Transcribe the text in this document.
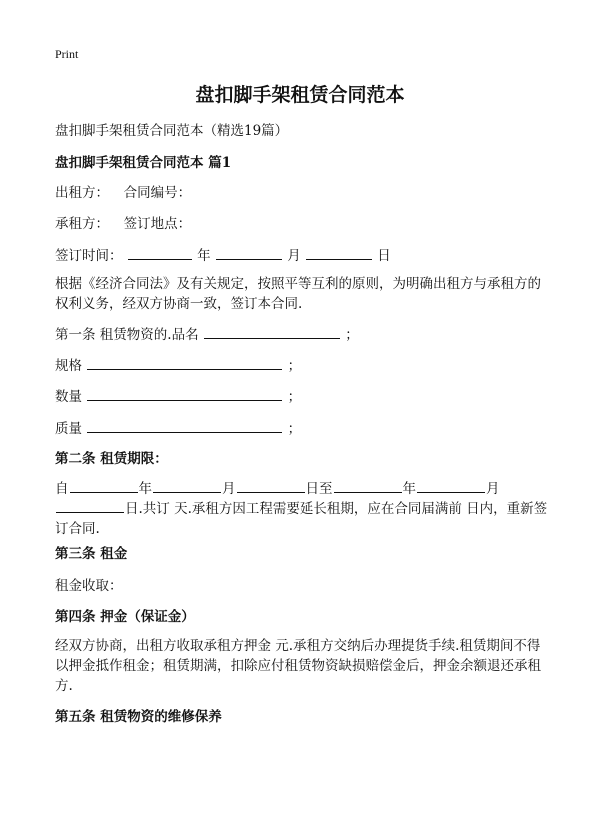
Print
盘扣脚手架租赁合同范本
盘扣脚手架租赁合同范本（精选19篇）
盘扣脚手架租赁合同范本 篇1
出租方： 合同编号：
承租方： 签订地点：
签订时间：	年	月	日
根据《经济合同法》及有关规定，按照平等互利的原则，为明确出租方与承租方的权利义务，经双方协商一致，签订本合同.
第一条 租赁物资的.品名	；
规格	；
数量	；
质量	；
第二条 租赁期限：
自	年	月	日至	年	月日.共订 天.承租方因工程需要延长租期，应在合同届满前 日内，重新签订合同.
第三条 租金
租金收取：
第四条 押金（保证金）
经双方协商，出租方收取承租方押金 元.承租方交纳后办理提货手续.租赁期间不得以押金抵作租金；租赁期满，扣除应付租赁物资缺损赔偿金后，押金余额退还承租方.
第五条 租赁物资的维修保养
